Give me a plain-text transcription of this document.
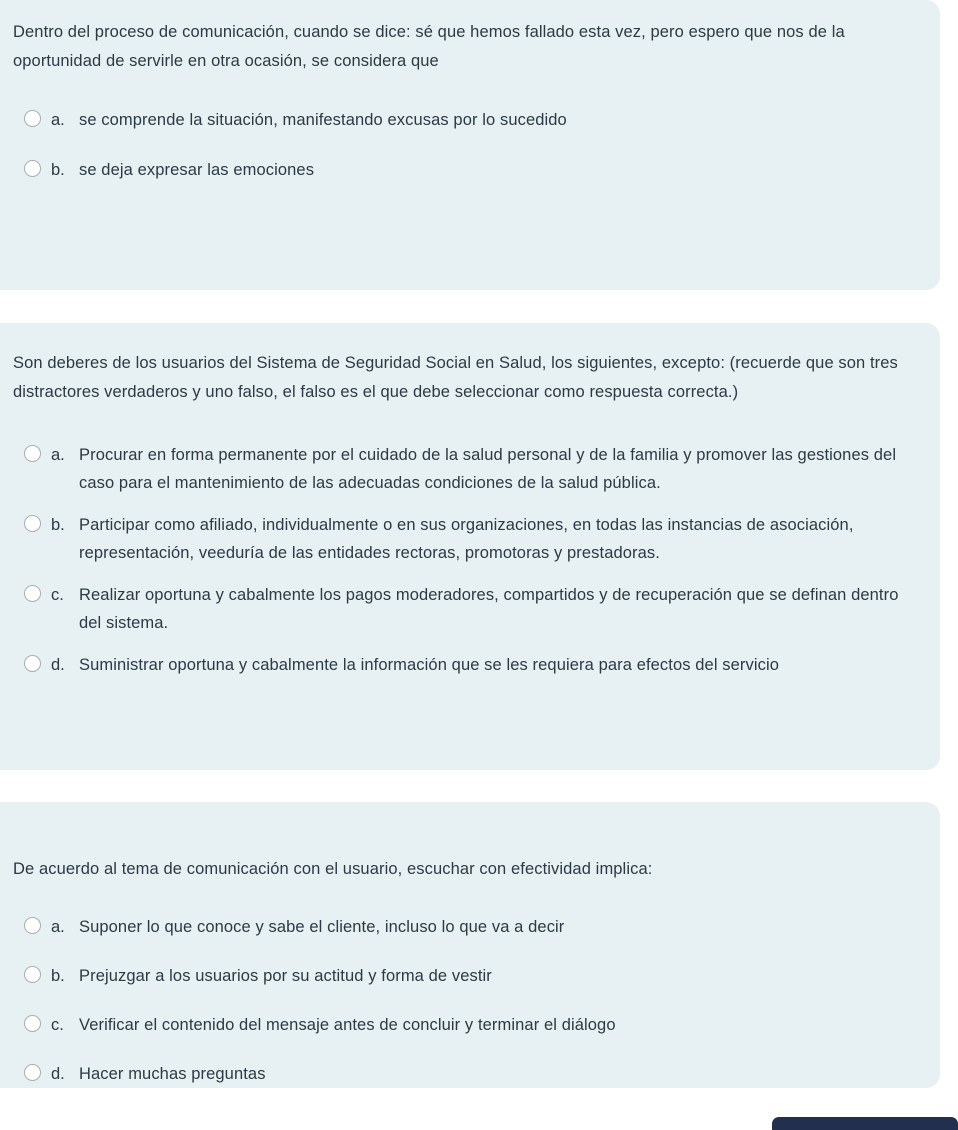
Dentro del proceso de comunicación, cuando se dice: sé que hemos fallado esta vez, pero espero que nos de la oportunidad de servirle en otra ocasión, se considera que

a. se comprende la situación, manifestando excusas por lo sucedido
b. se deja expresar las emociones

Son deberes de los usuarios del Sistema de Seguridad Social en Salud, los siguientes, excepto: (recuerde que son tres distractores verdaderos y uno falso, el falso es el que debe seleccionar como respuesta correcta.)

a. Procurar en forma permanente por el cuidado de la salud personal y de la familia y promover las gestiones del caso para el mantenimiento de las adecuadas condiciones de la salud pública.
b. Participar como afiliado, individualmente o en sus organizaciones, en todas las instancias de asociación, representación, veeduría de las entidades rectoras, promotoras y prestadoras.
c. Realizar oportuna y cabalmente los pagos moderadores, compartidos y de recuperación que se definan dentro del sistema.
d. Suministrar oportuna y cabalmente la información que se les requiera para efectos del servicio

De acuerdo al tema de comunicación con el usuario, escuchar con efectividad implica:

a. Suponer lo que conoce y sabe el cliente, incluso lo que va a decir
b. Prejuzgar a los usuarios por su actitud y forma de vestir
c. Verificar el contenido del mensaje antes de concluir y terminar el diálogo
d. Hacer muchas preguntas
